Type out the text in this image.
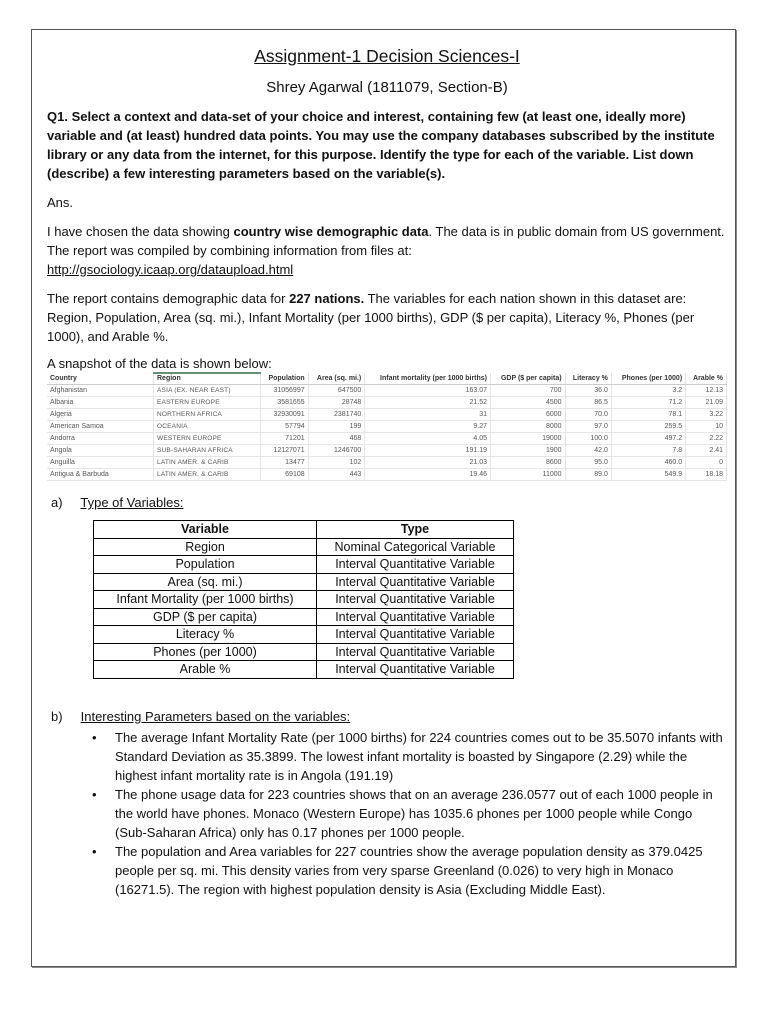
Assignment-1 Decision Sciences-I
Shrey Agarwal (1811079, Section-B)

Q1. Select a context and data-set of your choice and interest, containing few (at least one, ideally more) variable and (at least) hundred data points. You may use the company databases subscribed by the institute library or any data from the internet, for this purpose. Identify the type for each of the variable. List down (describe) a few interesting parameters based on the variable(s).

Ans.

I have chosen the data showing country wise demographic data. The data is in public domain from US government. The report was compiled by combining information from files at:
http://gsociology.icaap.org/dataupload.html

The report contains demographic data for 227 nations. The variables for each nation shown in this dataset are: Region, Population, Area (sq. mi.), Infant Mortality (per 1000 births), GDP ($ per capita), Literacy %, Phones (per 1000), and Arable %.

A snapshot of the data is shown below:
Country	Region	Population	Area (sq. mi.)	Infant mortality (per 1000 births)	GDP ($ per capita)	Literacy %	Phones (per 1000)	Arable %
Afghanistan	ASIA (EX. NEAR EAST)	31056997	647500	163.07	700	36.0	3.2	12.13
Albania	EASTERN EUROPE	3581655	28748	21.52	4500	86.5	71.2	21.09
Algeria	NORTHERN AFRICA	32930091	2381740	31	6000	70.0	78.1	3.22
American Samoa	OCEANIA	57794	199	9.27	8000	97.0	259.5	10
Andorra	WESTERN EUROPE	71201	468	4.05	19000	100.0	497.2	2.22
Angola	SUB-SAHARAN AFRICA	12127071	1246700	191.19	1900	42.0	7.8	2.41
Anguilla	LATIN AMER. & CARIB	13477	102	21.03	8600	95.0	460.0	0
Antigua & Barbuda	LATIN AMER. & CARIB	69108	443	19.46	11000	89.0	549.9	18.18
a) Type of Variables:
Variable	Type
Region	Nominal Categorical Variable
Population	Interval Quantitative Variable
Area (sq. mi.)	Interval Quantitative Variable
Infant Mortality (per 1000 births)	Interval Quantitative Variable
GDP ($ per capita)	Interval Quantitative Variable
Literacy %	Interval Quantitative Variable
Phones (per 1000)	Interval Quantitative Variable
Arable %	Interval Quantitative Variable
b) Interesting Parameters based on the variables:
• The average Infant Mortality Rate (per 1000 births) for 224 countries comes out to be 35.5070 infants with Standard Deviation as 35.3899. The lowest infant mortality is boasted by Singapore (2.29) while the highest infant mortality rate is in Angola (191.19)
• The phone usage data for 223 countries shows that on an average 236.0577 out of each 1000 people in the world have phones. Monaco (Western Europe) has 1035.6 phones per 1000 people while Congo (Sub-Saharan Africa) only has 0.17 phones per 1000 people.
• The population and Area variables for 227 countries show the average population density as 379.0425 people per sq. mi. This density varies from very sparse Greenland (0.026) to very high in Monaco (16271.5). The region with highest population density is Asia (Excluding Middle East).
